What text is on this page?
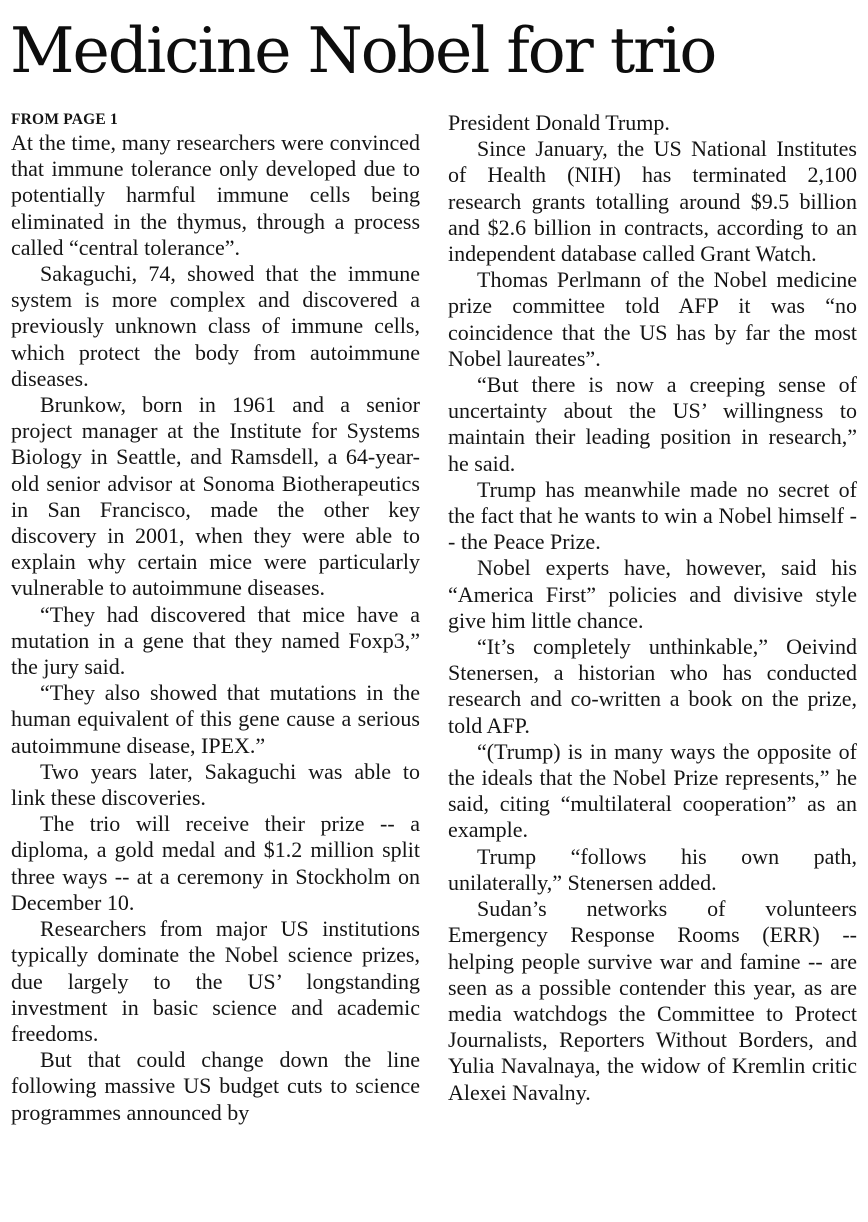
Medicine Nobel for trio
FROM PAGE 1

At the time, many researchers were convinced that immune tolerance only developed due to potentially harmful immune cells being eliminated in the thymus, through a process called “central tolerance”.

Sakaguchi, 74, showed that the immune system is more complex and discovered a previously unknown class of immune cells, which protect the body from autoimmune diseases.

Brunkow, born in 1961 and a senior project manager at the Institute for Systems Biology in Seattle, and Ramsdell, a 64-year-old senior advisor at Sonoma Biotherapeutics in San Francisco, made the other key discovery in 2001, when they were able to explain why certain mice were particularly vulnerable to autoimmune diseases.

“They had discovered that mice have a mutation in a gene that they named Foxp3,” the jury said.

“They also showed that mutations in the human equivalent of this gene cause a serious autoimmune disease, IPEX.”

Two years later, Sakaguchi was able to link these discoveries.

The trio will receive their prize -- a diploma, a gold medal and $1.2 million split three ways -- at a ceremony in Stockholm on December 10.

Researchers from major US institutions typically dominate the Nobel science prizes, due largely to the US’ longstanding investment in basic science and academic freedoms.

But that could change down the line following massive US budget cuts to science programmes announced by

President Donald Trump.

Since January, the US National Institutes of Health (NIH) has terminated 2,100 research grants totalling around $9.5 billion and $2.6 billion in contracts, according to an independent database called Grant Watch.

Thomas Perlmann of the Nobel medicine prize committee told AFP it was “no coincidence that the US has by far the most Nobel laureates”.

“But there is now a creeping sense of uncertainty about the US’ willingness to maintain their leading position in research,” he said.

Trump has meanwhile made no secret of the fact that he wants to win a Nobel himself -- the Peace Prize.

Nobel experts have, however, said his “America First” policies and divisive style give him little chance.

“It’s completely unthinkable,” Oeivind Stenersen, a historian who has conducted research and co-written a book on the prize, told AFP.

“(Trump) is in many ways the opposite of the ideals that the Nobel Prize represents,” he said, citing “multilateral cooperation” as an example.

Trump “follows his own path, unilaterally,” Stenersen added.

Sudan’s networks of volunteers Emergency Response Rooms (ERR) -- helping people survive war and famine -- are seen as a possible contender this year, as are media watchdogs the Committee to Protect Journalists, Reporters Without Borders, and Yulia Navalnaya, the widow of Kremlin critic Alexei Navalny.
